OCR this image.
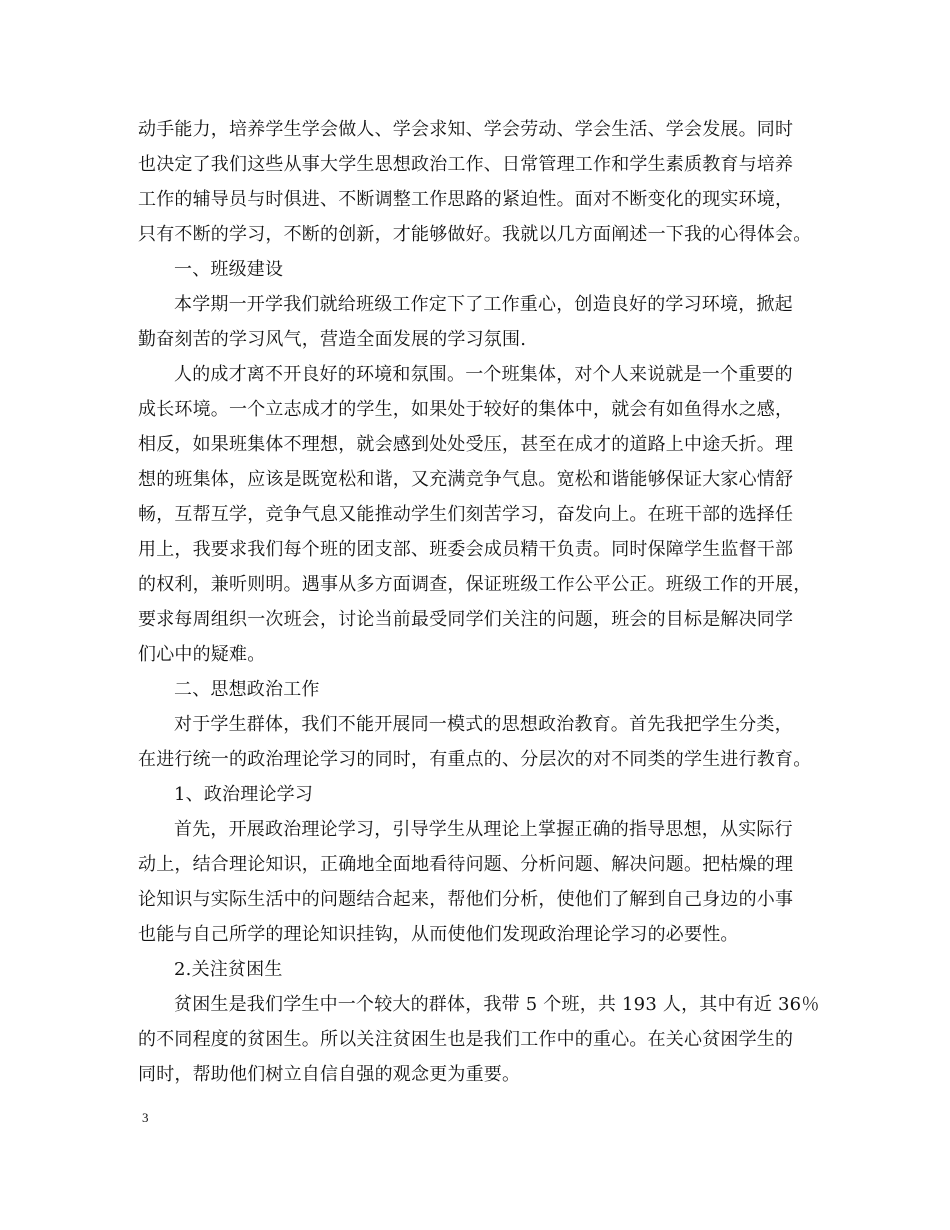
动手能力，培养学生学会做人、学会求知、学会劳动、学会生活、学会发展。同时
也决定了我们这些从事大学生思想政治工作、日常管理工作和学生素质教育与培养
工作的辅导员与时俱进、不断调整工作思路的紧迫性。面对不断变化的现实环境，
只有不断的学习，不断的创新，才能够做好。我就以几方面阐述一下我的心得体会。
一、班级建设
本学期一开学我们就给班级工作定下了工作重心，创造良好的学习环境，掀起
勤奋刻苦的学习风气，营造全面发展的学习氛围.
人的成才离不开良好的环境和氛围。一个班集体，对个人来说就是一个重要的
成长环境。一个立志成才的学生，如果处于较好的集体中，就会有如鱼得水之感，
相反，如果班集体不理想，就会感到处处受压，甚至在成才的道路上中途夭折。理
想的班集体，应该是既宽松和谐，又充满竞争气息。宽松和谐能够保证大家心情舒
畅，互帮互学，竞争气息又能推动学生们刻苦学习，奋发向上。在班干部的选择任
用上，我要求我们每个班的团支部、班委会成员精干负责。同时保障学生监督干部
的权利，兼听则明。遇事从多方面调查，保证班级工作公平公正。班级工作的开展，
要求每周组织一次班会，讨论当前最受同学们关注的问题，班会的目标是解决同学
们心中的疑难。
二、思想政治工作
对于学生群体，我们不能开展同一模式的思想政治教育。首先我把学生分类，
在进行统一的政治理论学习的同时，有重点的、分层次的对不同类的学生进行教育。
1、政治理论学习
首先，开展政治理论学习，引导学生从理论上掌握正确的指导思想，从实际行
动上，结合理论知识，正确地全面地看待问题、分析问题、解决问题。把枯燥的理
论知识与实际生活中的问题结合起来，帮他们分析，使他们了解到自己身边的小事
也能与自己所学的理论知识挂钩，从而使他们发现政治理论学习的必要性。
2.关注贫困生
贫困生是我们学生中一个较大的群体，我带 5 个班，共 193 人，其中有近 36％
的不同程度的贫困生。所以关注贫困生也是我们工作中的重心。在关心贫困学生的
同时，帮助他们树立自信自强的观念更为重要。
3
